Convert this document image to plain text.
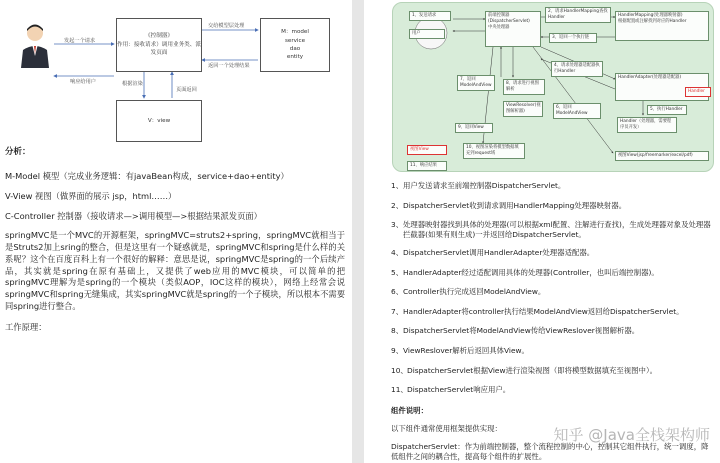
《控制器》
作用：接收请求）调用业务类、派发页面
M：model
service
dao
entity
V：view
发起一个请求
响应给用户
交给模型层处理
返回一个处理结果
根据渲染
页面返回
分析：
M-Model 模型（完成业务逻辑：有javaBean构成，service+dao+entity）
V-View 视图（做界面的展示 jsp，html……）
C-Controller 控制器（接收请求—>调用模型—>根据结果派发页面）
springMVC是一个MVC的开源框架，springMVC=struts2+spring，springMVC就相当于是Struts2加上sring的整合，但是这里有一个疑惑就是，springMVC和spring是什么样的关系呢？这个在百度百科上有一个很好的解释：意思是说，springMVC是spring的一个后续产品，其实就是spring在原有基础上，又提供了web应用的MVC模块，可以简单的把springMVC理解为是spring的一个模块（类似AOP，IOC这样的模块），网络上经常会说springMVC和spring无缝集成，其实springMVC就是spring的一个子模块，所以根本不需要同spring进行整合。
工作原理：
1、发送请求
用户
前端控制器(DispatcherServlet)
中央处理器
2、请求HandlerMapping查找Handler	HandlerMapping(处理器映射器)
根据配置或注解找到对应的Handler
3、返回一个执行链
4、请求处理器适配器执行Handler
HandlerAdapter(处理器适配器)
6、返回ModelAndView
5、执行Handler
Handler（处理器，需要程序员开发）
7、返回ModelAndView	8、请求进行视图解析
ViewResolver(视图解析器)
9、返回View
10、视图渲染将模型数据填充到request域
视图View
11、响应结果
Handler
视图View(jsp/freemarker/excel/pdf)
1、 用户发送请求至前端控制器DispatcherServlet。
2、 DispatcherServlet收到请求调用HandlerMapping处理器映射器。
3、 处理器映射器找到具体的处理器(可以根据xml配置、注解进行查找)，生成处理器对象及处理器拦截器(如果有则生成)一并返回给DispatcherServlet。
4、 DispatcherServlet调用HandlerAdapter处理器适配器。
5、 HandlerAdapter经过适配调用具体的处理器(Controller，也叫后端控制器)。
6、 Controller执行完成返回ModelAndView。
7、 HandlerAdapter将controller执行结果ModelAndView返回给DispatcherServlet。
8、 DispatcherServlet将ModelAndView传给ViewReslover视图解析器。
9、 ViewReslover解析后返回具体View。
10、 DispatcherServlet根据View进行渲染视图（即将模型数据填充至视图中）。
11、 DispatcherServlet响应用户。
组件说明：
以下组件通常使用框架提供实现：
DispatcherServlet：作为前端控制器，整个流程控制的中心，控制其它组件执行，统一调度，降低组件之间的耦合性，提高每个组件的扩展性。
知乎 @Java全栈架构师
